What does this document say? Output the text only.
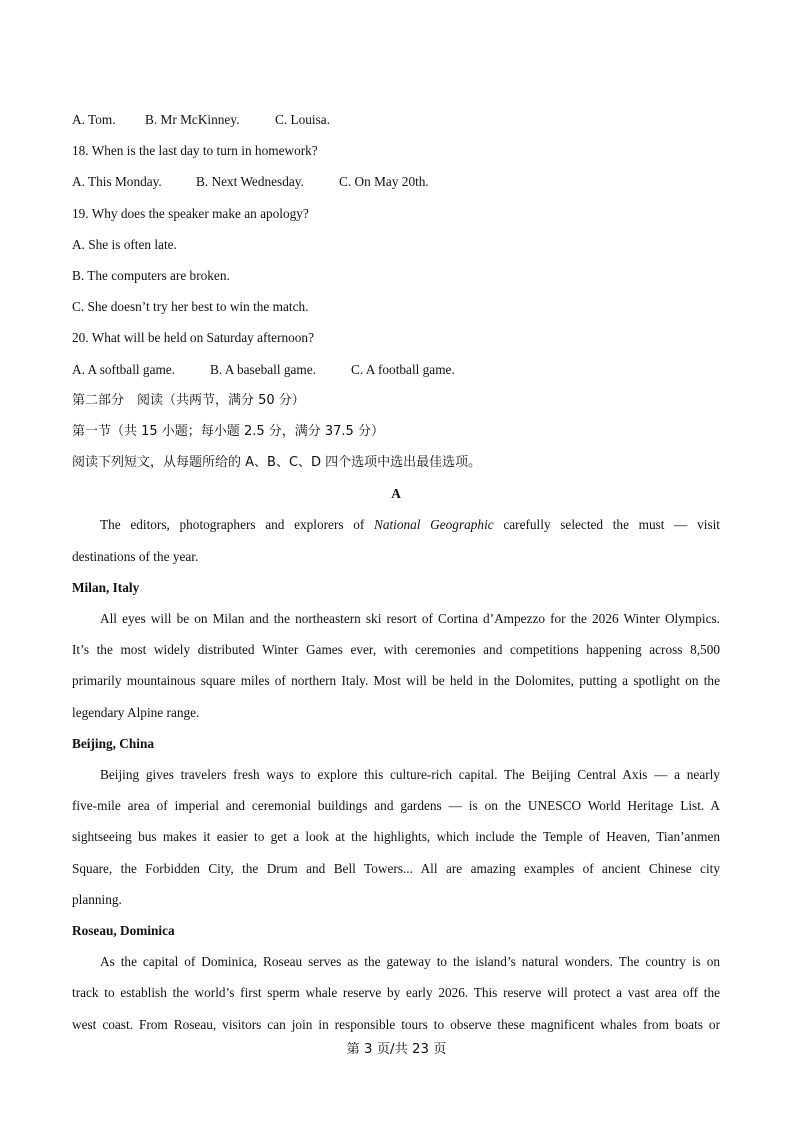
A. Tom. B. Mr McKinney.	C. Louisa.
18. When is the last day to turn in homework?
A. This Monday.	B. Next Wednesday.	C. On May 20th.
19. Why does the speaker make an apology?
A. She is often late.
B. The computers are broken.
C. She doesn’t try her best to win the match.
20. What will be held on Saturday afternoon?
A. A softball game.	B. A baseball game.	C. A football game.
第二部分　阅读（共两节，满分 50 分）
第一节（共 15 小题；每小题 2.5 分，满分 37.5 分）
阅读下列短文，从每题所给的 A、B、C、D 四个选项中选出最佳选项。
A
The editors, photographers and explorers of National Geographic carefully selected the must — visit
destinations of the year.
Milan, Italy
All eyes will be on Milan and the northeastern ski resort of Cortina d’Ampezzo for the 2026 Winter Olympics.
It’s the most widely distributed Winter Games ever, with ceremonies and competitions happening across 8,500
primarily mountainous square miles of northern Italy. Most will be held in the Dolomites, putting a spotlight on the
legendary Alpine range.
Beijing, China
Beijing gives travelers fresh ways to explore this culture-rich capital. The Beijing Central Axis — a nearly
five-mile area of imperial and ceremonial buildings and gardens — is on the UNESCO World Heritage List. A
sightseeing bus makes it easier to get a look at the highlights, which include the Temple of Heaven, Tian’anmen
Square, the Forbidden City, the Drum and Bell Towers... All are amazing examples of ancient Chinese city
planning.
Roseau, Dominica
As the capital of Dominica, Roseau serves as the gateway to the island’s natural wonders. The country is on
track to establish the world’s first sperm whale reserve by early 2026. This reserve will protect a vast area off the
west coast. From Roseau, visitors can join in responsible tours to observe these magnificent whales from boats or
第 3 页/共 23 页
